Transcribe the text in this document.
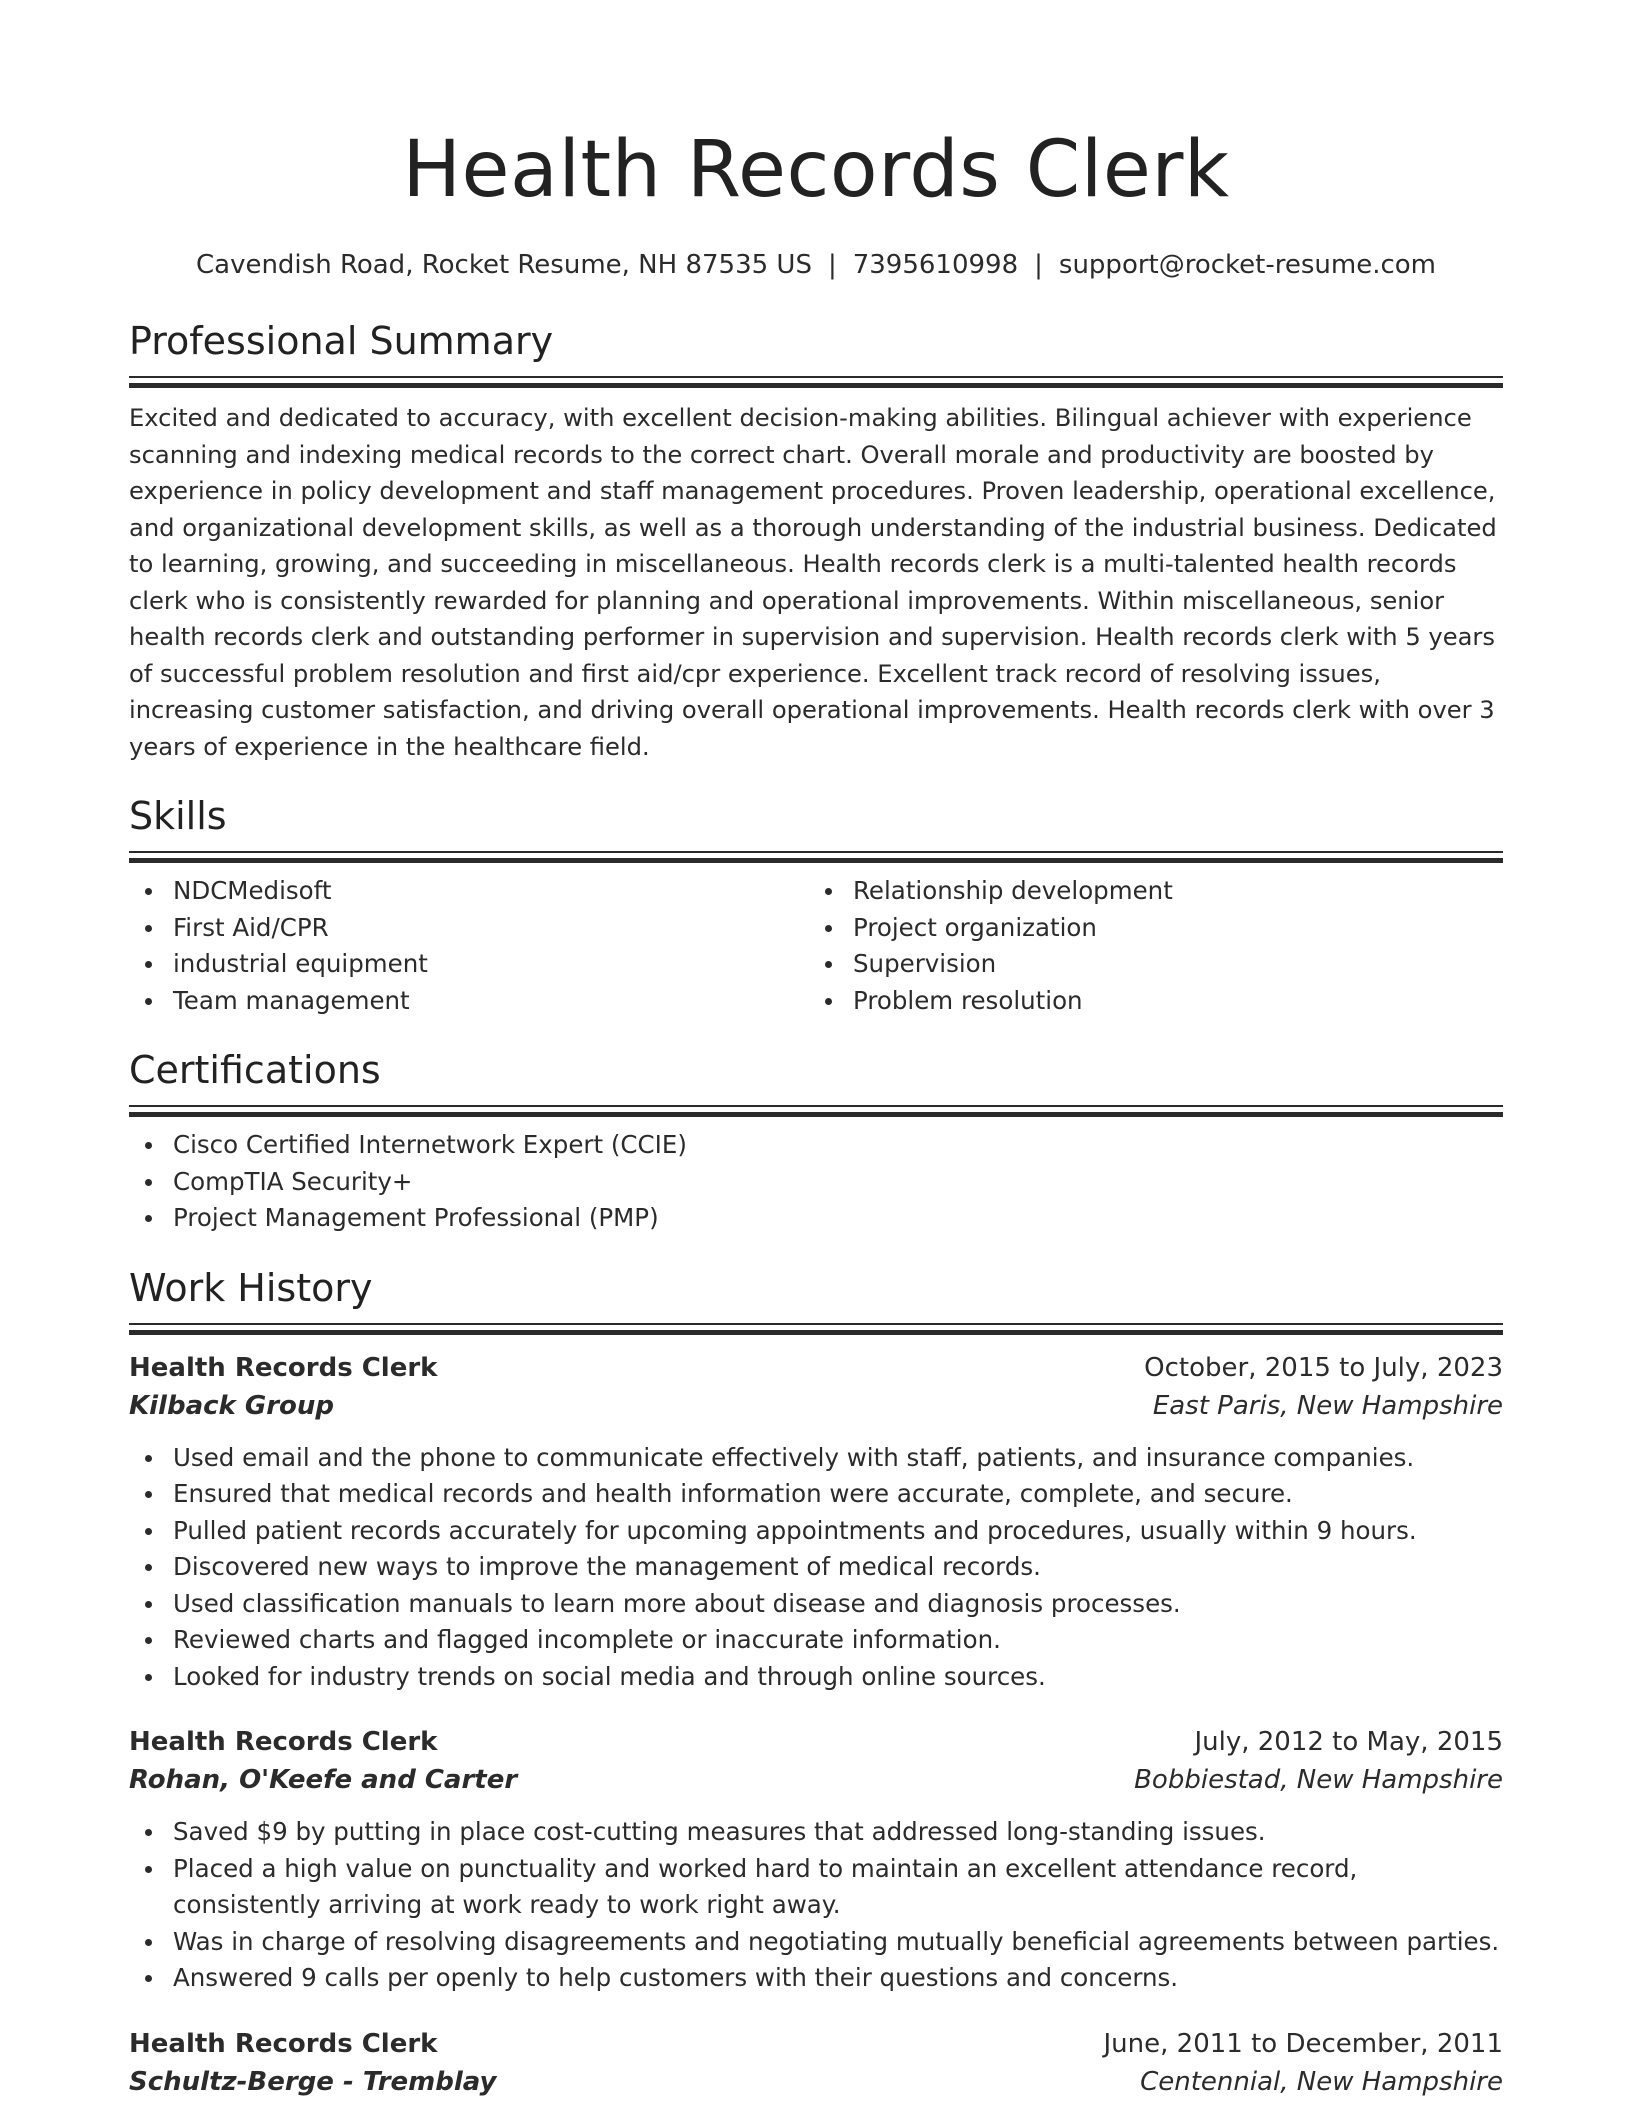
Health Records Clerk
Cavendish Road, Rocket Resume, NH 87535 US | 7395610998 | support@rocket-resume.com
Professional Summary

Excited and dedicated to accuracy, with excellent decision-making abilities. Bilingual achiever with experience scanning and indexing medical records to the correct chart. Overall morale and productivity are boosted by experience in policy development and staff management procedures. Proven leadership, operational excellence, and organizational development skills, as well as a thorough understanding of the industrial business. Dedicated to learning, growing, and succeeding in miscellaneous. Health records clerk is a multi-talented health records clerk who is consistently rewarded for planning and operational improvements. Within miscellaneous, senior health records clerk and outstanding performer in supervision and supervision. Health records clerk with 5 years of successful problem resolution and first aid/cpr experience. Excellent track record of resolving issues, increasing customer satisfaction, and driving overall operational improvements. Health records clerk with over 3 years of experience in the healthcare field.

Skills
NDCMedisoft
First Aid/CPR
industrial equipment
Team management
Relationship development
Project organization
Supervision
Problem resolution
Certifications
Cisco Certified Internetwork Expert (CCIE)
CompTIA Security+
Project Management Professional (PMP)
Work History
Health Records Clerk	October, 2015 to July, 2023
Kilback Group	East Paris, New Hampshire
Used email and the phone to communicate effectively with staff, patients, and insurance companies.
Ensured that medical records and health information were accurate, complete, and secure.
Pulled patient records accurately for upcoming appointments and procedures, usually within 9 hours.
Discovered new ways to improve the management of medical records.
Used classification manuals to learn more about disease and diagnosis processes.
Reviewed charts and flagged incomplete or inaccurate information.
Looked for industry trends on social media and through online sources.
Health Records Clerk	July, 2012 to May, 2015
Rohan, O'Keefe and Carter	Bobbiestad, New Hampshire
Saved $9 by putting in place cost-cutting measures that addressed long-standing issues.
Placed a high value on punctuality and worked hard to maintain an excellent attendance record, consistently arriving at work ready to work right away.
Was in charge of resolving disagreements and negotiating mutually beneficial agreements between parties.
Answered 9 calls per openly to help customers with their questions and concerns.
Health Records Clerk	June, 2011 to December, 2011
Schultz-Berge - Tremblay	Centennial, New Hampshire
